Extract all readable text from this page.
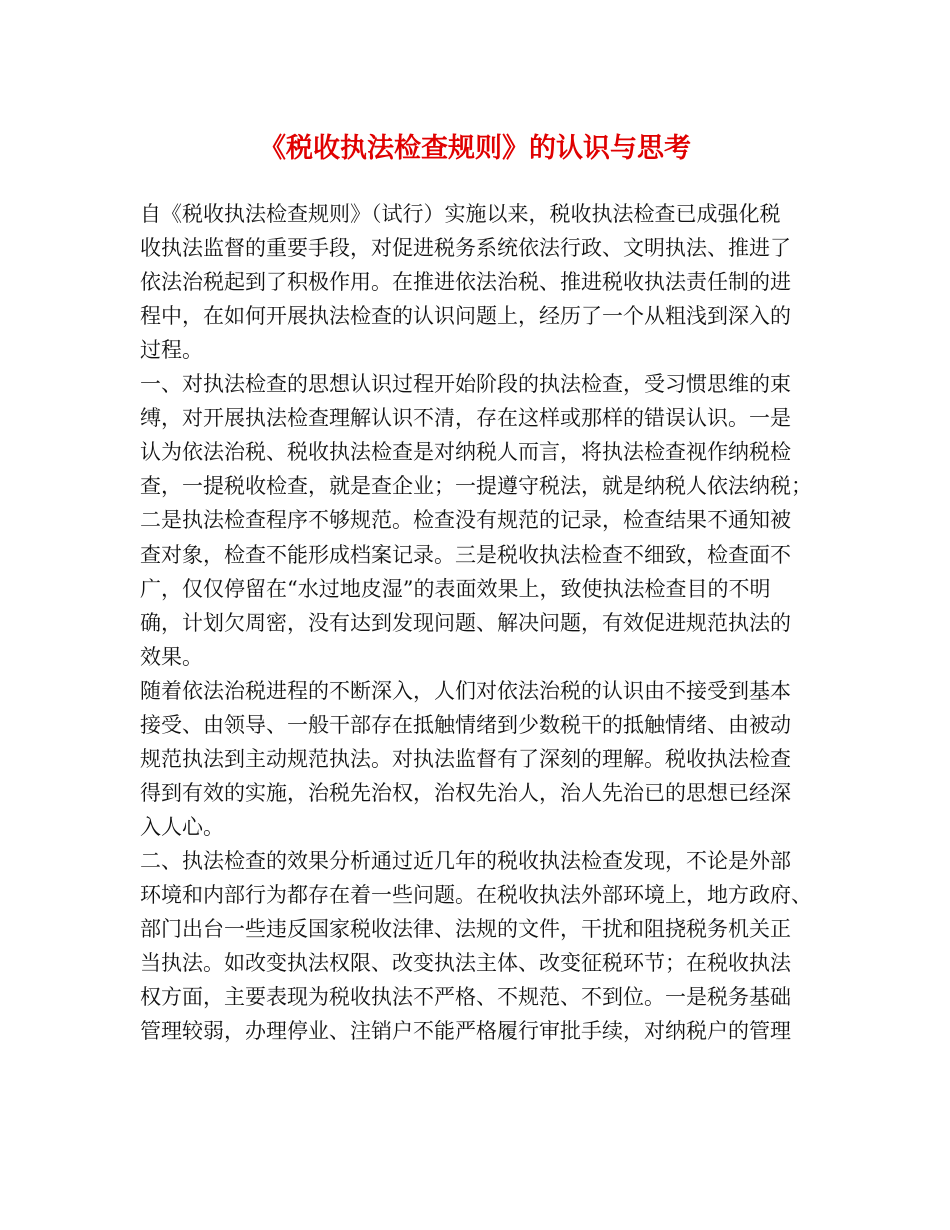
《税收执法检查规则》的认识与思考

自《税收执法检查规则》（试行）实施以来，税收执法检查已成强化税

收执法监督的重要手段，对促进税务系统依法行政、文明执法、推进了

依法治税起到了积极作用。在推进依法治税、推进税收执法责任制的进

程中，在如何开展执法检查的认识问题上，经历了一个从粗浅到深入的

过程。

一、对执法检查的思想认识过程开始阶段的执法检查，受习惯思维的束

缚，对开展执法检查理解认识不清，存在这样或那样的错误认识。一是

认为依法治税、税收执法检查是对纳税人而言，将执法检查视作纳税检

查，一提税收检查，就是查企业；一提遵守税法，就是纳税人依法纳税；

二是执法检查程序不够规范。检查没有规范的记录，检查结果不通知被

查对象，检查不能形成档案记录。三是税收执法检查不细致，检查面不

广，仅仅停留在“水过地皮湿”的表面效果上，致使执法检查目的不明

确，计划欠周密，没有达到发现问题、解决问题，有效促进规范执法的

效果。

随着依法治税进程的不断深入，人们对依法治税的认识由不接受到基本

接受、由领导、一般干部存在抵触情绪到少数税干的抵触情绪、由被动

规范执法到主动规范执法。对执法监督有了深刻的理解。税收执法检查

得到有效的实施，治税先治权，治权先治人，治人先治已的思想已经深

入人心。

二、执法检查的效果分析通过近几年的税收执法检查发现，不论是外部

环境和内部行为都存在着一些问题。在税收执法外部环境上，地方政府、

部门出台一些违反国家税收法律、法规的文件，干扰和阻挠税务机关正

当执法。如改变执法权限、改变执法主体、改变征税环节；在税收执法

权方面，主要表现为税收执法不严格、不规范、不到位。一是税务基础

管理较弱，办理停业、注销户不能严格履行审批手续，对纳税户的管理
